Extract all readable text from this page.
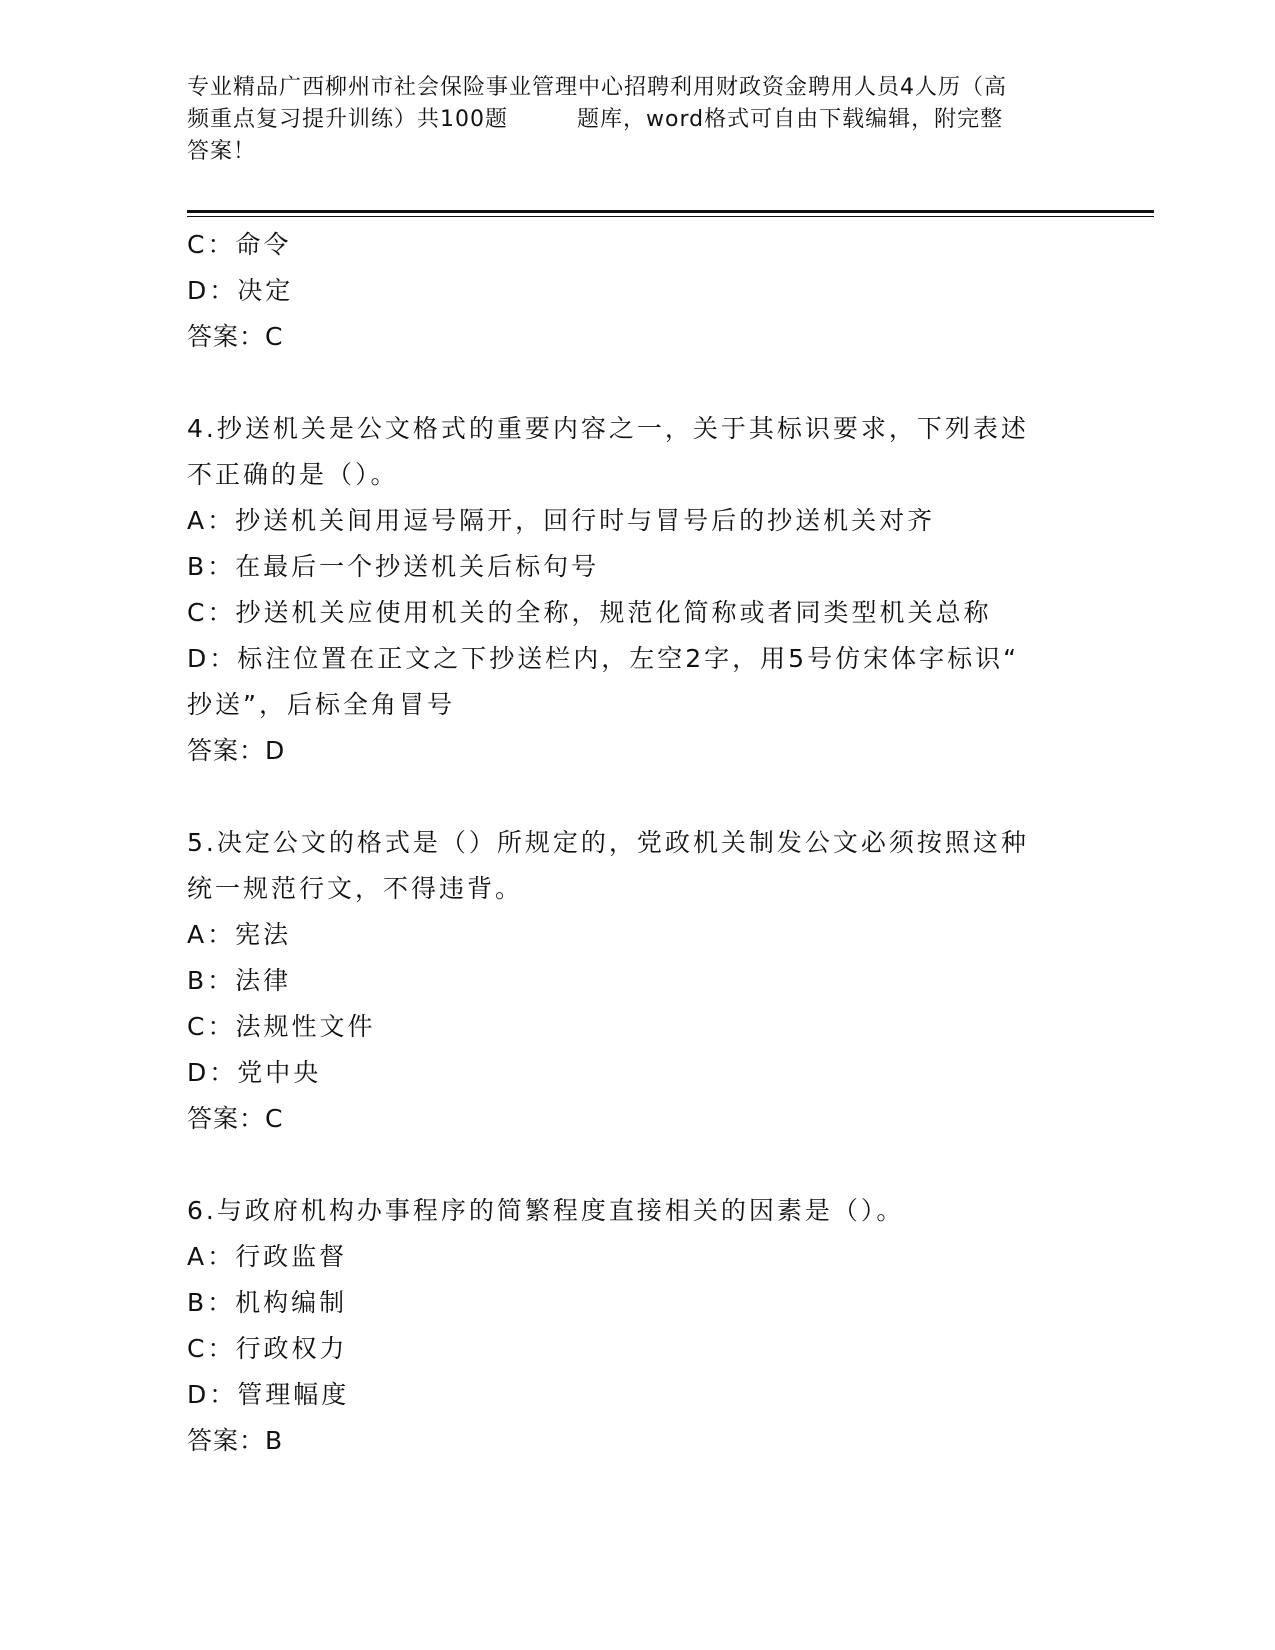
专业精品广西柳州市社会保险事业管理中心招聘利用财政资金聘用人员4人历（高
频重点复习提升训练）共100题　　　题库，word格式可自由下载编辑，附完整
答案！
C：命令
D：决定
答案：C
4.抄送机关是公文格式的重要内容之一，关于其标识要求，下列表述
不正确的是（）。
A：抄送机关间用逗号隔开，回行时与冒号后的抄送机关对齐
B：在最后一个抄送机关后标句号
C：抄送机关应使用机关的全称，规范化简称或者同类型机关总称
D：标注位置在正文之下抄送栏内，左空2字，用5号仿宋体字标识“
抄送”，后标全角冒号
答案：D
5.决定公文的格式是（）所规定的，党政机关制发公文必须按照这种
统一规范行文，不得违背。
A：宪法
B：法律
C：法规性文件
D：党中央
答案：C
6.与政府机构办事程序的简繁程度直接相关的因素是（）。
A：行政监督
B：机构编制
C：行政权力
D：管理幅度
答案：B
